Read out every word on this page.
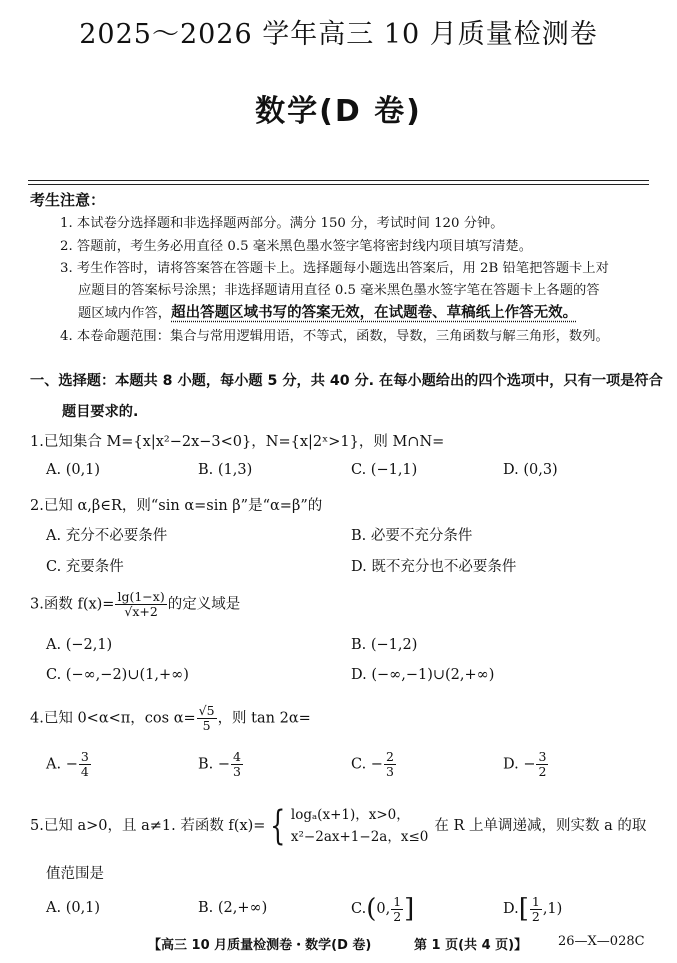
2025～2026 学年高三 10 月质量检测卷
数学(D 卷)
考生注意：
1. 本试卷分选择题和非选择题两部分。满分 150 分，考试时间 120 分钟。
2. 答题前，考生务必用直径 0.5 毫米黑色墨水签字笔将密封线内项目填写清楚。
3. 考生作答时，请将答案答在答题卡上。选择题每小题选出答案后，用 2B 铅笔把答题卡上对
应题目的答案标号涂黑；非选择题请用直径 0.5 毫米黑色墨水签字笔在答题卡上各题的答
题区域内作答，超出答题区域书写的答案无效，在试题卷、草稿纸上作答无效。
4. 本卷命题范围：集合与常用逻辑用语，不等式，函数，导数，三角函数与解三角形，数列。
一、选择题：本题共 8 小题，每小题 5 分，共 40 分. 在每小题给出的四个选项中，只有一项是符合
题目要求的.
1.已知集合 M={x|x²−2x−3<0}，N={x|2ˣ>1}，则 M∩N=
A. (0,1)	B. (1,3)	C. (−1,1)	D. (0,3)
2.已知 α,β∈R，则“sin α=sin β”是“α=β”的
A. 充分不必要条件	B. 必要不充分条件
C. 充要条件	D. 既不充分也不必要条件
3.函数 $f(x)= \frac{\lg(1-x)}{√x+2}$ 的定义域是
A. (−2,1)	B. (−1,2)
C. (−∞,−2)∪(1,+∞)	D. (−∞,−1)∪(2,+∞)
4.已知 0<α<π，$\cos \alpha= \frac{√5}{5}$ ，则 tan 2α=
A. − $\frac{3}{4}$	B. − $\frac{4}{3}$	C. − $\frac{2}{3}$	D. − $\frac{3}{2}$
5.已知 a>0，且 a≠1. 若函数 f(x)= { logₐ(x+1)，x>0，
x²−2ax+1−2a，x≤0
在 R 上单调递减，则实数 a 的取
值范围是
A. (0,1)	B. (2,+∞)	C.(0, $\frac{1}{2}$ ]	$D.[ \frac{1}{2} ,1)$
【高三 10 月质量检测卷・数学(D 卷)	第 1 页(共 4 页)】 26—X—028C
